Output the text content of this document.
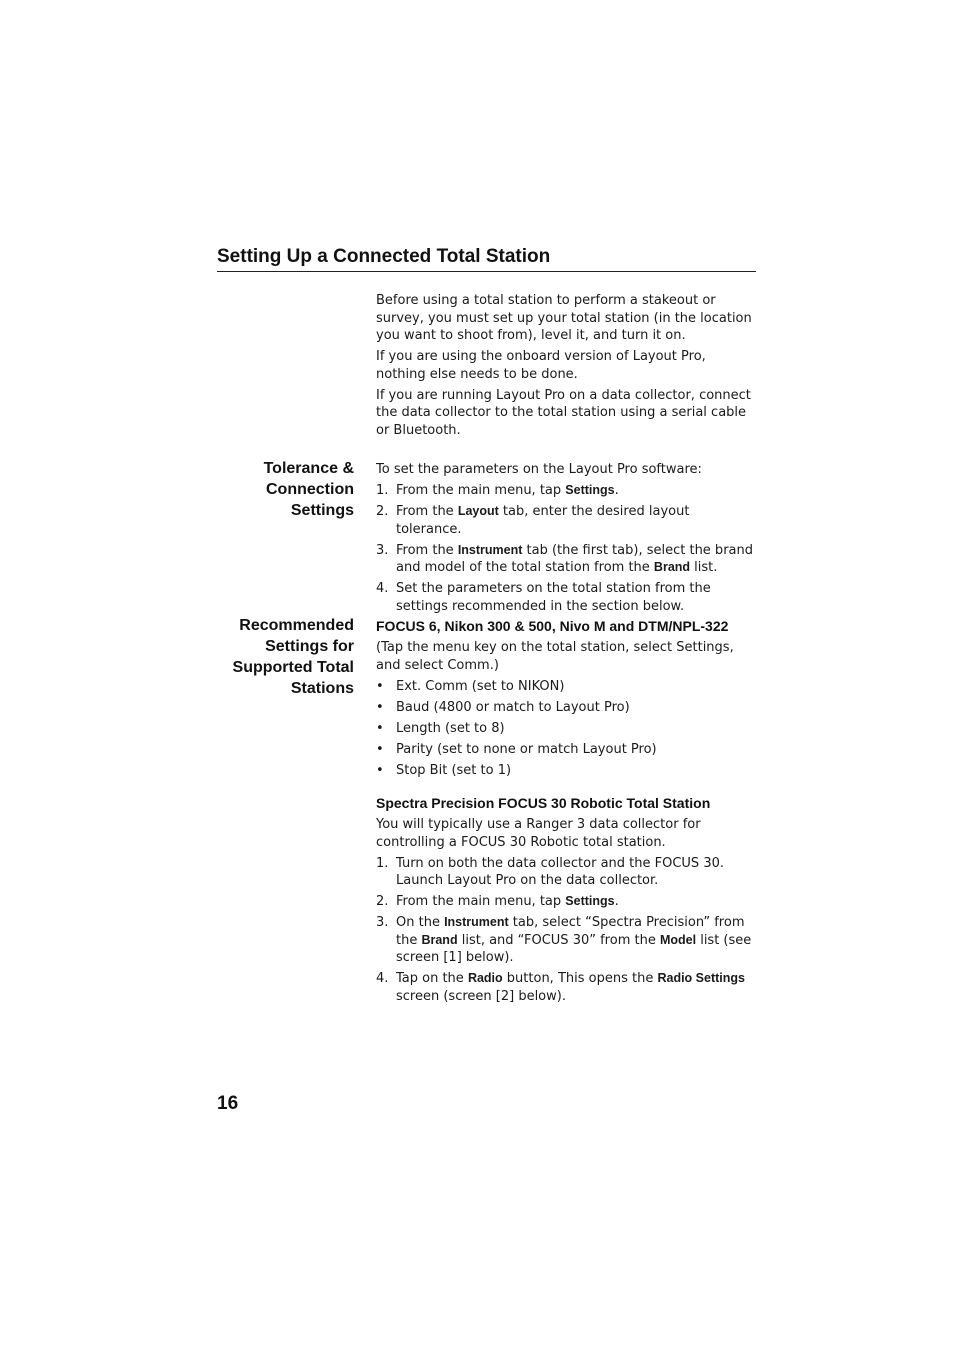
Setting Up a Connected Total Station

Before using a total station to perform a stakeout or survey, you must set up your total station (in the location you want to shoot from), level it, and turn it on.

If you are using the onboard version of Layout Pro, nothing else needs to be done.

If you are running Layout Pro on a data collector, connect the data collector to the total station using a serial cable or Bluetooth.

Tolerance &
Connection
Settings

To set the parameters on the Layout Pro software:

1. From the main menu, tap Settings.
2. From the Layout tab, enter the desired layout tolerance.
3. From the Instrument tab (the first tab), select the brand and model of the total station from the Brand list.
4. Set the parameters on the total station from the settings recommended in the section below.
Recommended
Settings for
Supported Total
Stations
FOCUS 6, Nikon 300 & 500, Nivo M and DTM/NPL-322

(Tap the menu key on the total station, select Settings, and select Comm.)

• Ext. Comm (set to NIKON)
• Baud (4800 or match to Layout Pro)
• Length (set to 8)
• Parity (set to none or match Layout Pro)
• Stop Bit (set to 1)
Spectra Precision FOCUS 30 Robotic Total Station

You will typically use a Ranger 3 data collector for controlling a FOCUS 30 Robotic total station.

1. Turn on both the data collector and the FOCUS 30. Launch Layout Pro on the data collector.
2. From the main menu, tap Settings.
3. On the Instrument tab, select “Spectra Precision” from the Brand list, and “FOCUS 30” from the Model list (see screen [1] below).
4. Tap on the Radio button, This opens the Radio Settings screen (screen [2] below).
16
